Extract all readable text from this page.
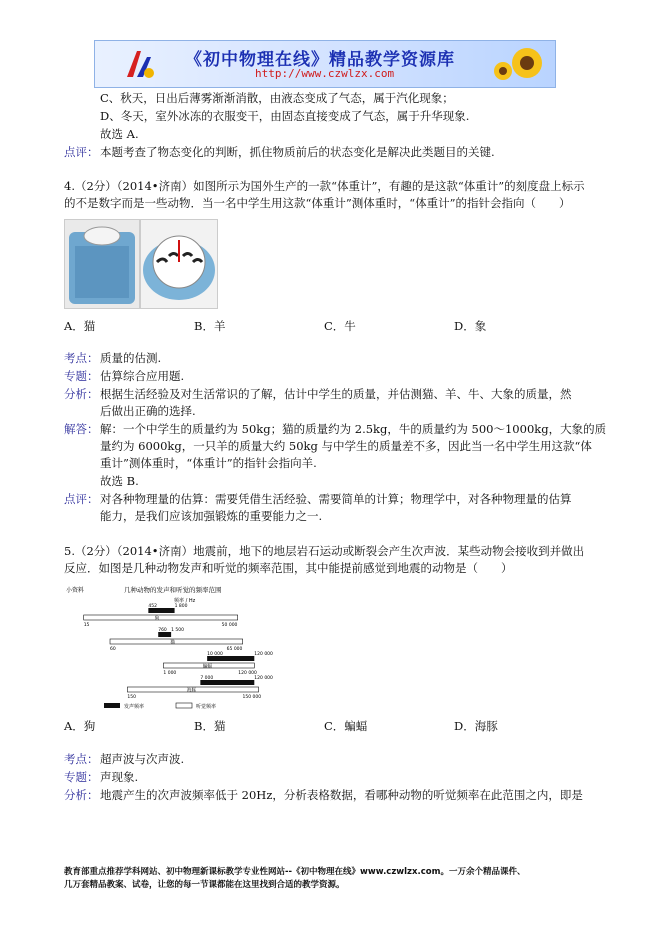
《初中物理在线》精品教学资源库
http://www.czwlzx.com
C、秋天，日出后薄雾渐渐消散，由液态变成了气态，属于汽化现象；
D、冬天，室外冰冻的衣服变干，由固态直接变成了气态，属于升华现象.
故选 A.
点评： 本题考查了物态变化的判断，抓住物质前后的状态变化是解决此类题目的关键.
4.（2分）（2014•济南）如图所示为国外生产的一款“体重计”，有趣的是这款“体重计”的刻度盘上标示
的不是数字而是一些动物．当一名中学生用这款“体重计”测体重时，“体重计”的指针会指向（　　）
A．猫	B．羊	C．牛	D．象
考点： 质量的估测.
专题： 估算综合应用题.
分析： 根据生活经验及对生活常识的了解，估计中学生的质量，并估测猫、羊、牛、大象的质量，然
后做出正确的选择.
解答： 解：一个中学生的质量约为 50kg；猫的质量约为 2.5kg，牛的质量约为 500～1000kg，大象的质
量约为 6000kg，一只羊的质量大约 50kg 与中学生的质量差不多，因此当一名中学生用这款“体
重计”测体重时，“体重计”的指针会指向羊.
故选 B.
点评： 对各种物理量的估算：需要凭借生活经验、需要简单的计算；物理学中，对各种物理量的估算
能力，是我们应该加强锻炼的重要能力之一.
5.（2分）（2014•济南）地震前，地下的地层岩石运动或断裂会产生次声波．某些动物会接收到并做出
反应．如图是几种动物发声和听觉的频率范围，其中能提前感觉到地震的动物是（　　）
小资料	几种动物的发声和听觉的频率范围
频率 / Hz
狗
452	1 800
15	50 000
猫
760 1 500
60	65 000
蝙蝠
10 000	120 000
1 000	120 000
海豚
7 000	120 000
150	150 000
发声频率	听觉频率
A．狗	B．猫	C．蝙蝠	D．海豚
考点： 超声波与次声波.
专题： 声现象.
分析： 地震产生的次声波频率低于 20Hz，分析表格数据，看哪种动物的听觉频率在此范围之内，即是
教育部重点推荐学科网站、初中物理新课标教学专业性网站--《初中物理在线》www.czwlzx.com。一万余个精品课件、
几万套精品教案、试卷，让您的每一节课都能在这里找到合适的教学资源。
